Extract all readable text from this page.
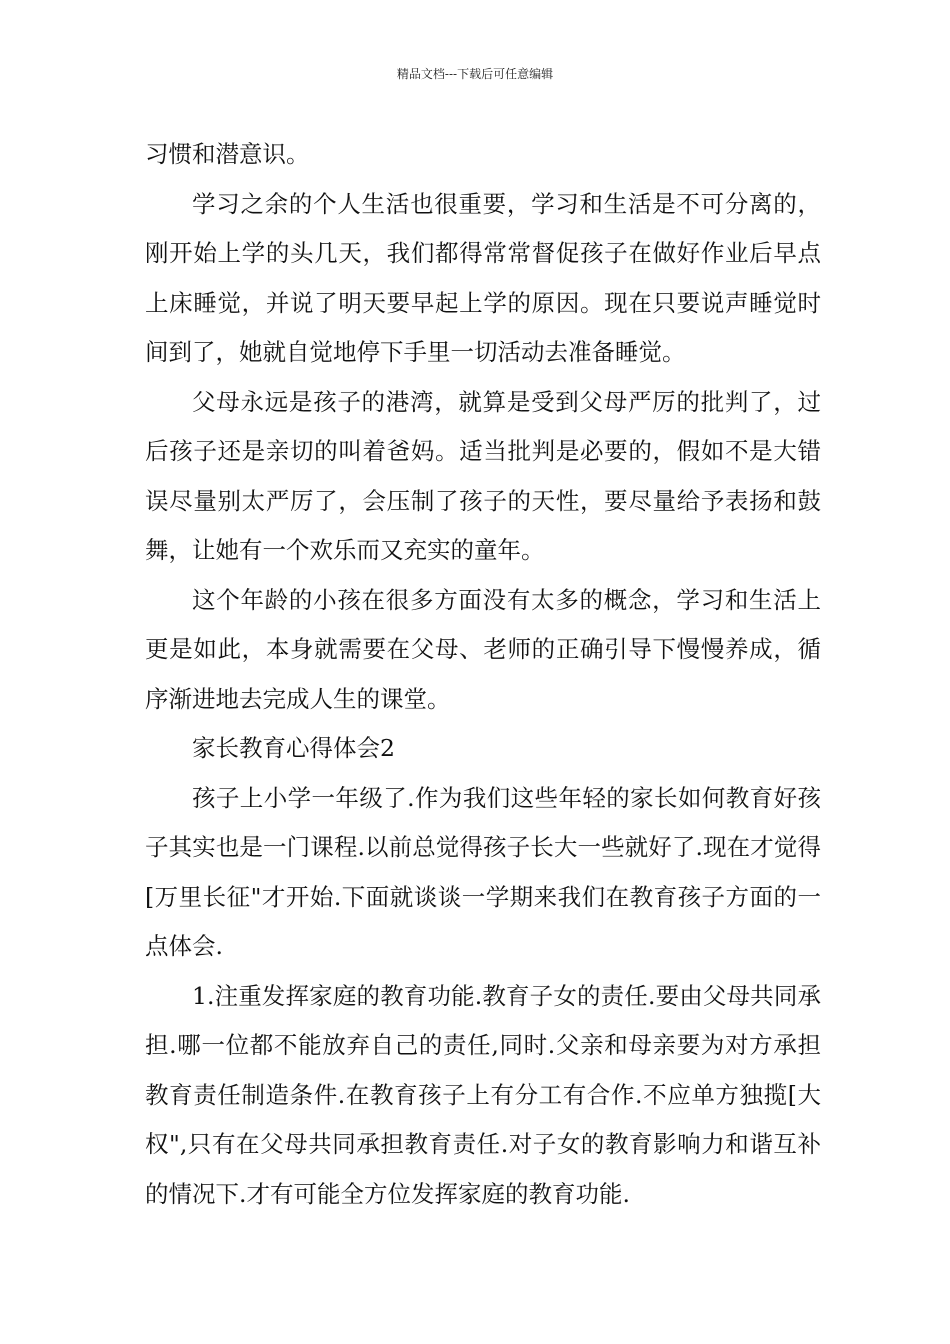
精品文档---下载后可任意编辑

习惯和潜意识。

学习之余的个人生活也很重要，学习和生活是不可分离的，刚开始上学的头几天，我们都得常常督促孩子在做好作业后早点上床睡觉，并说了明天要早起上学的原因。现在只要说声睡觉时间到了，她就自觉地停下手里一切活动去准备睡觉。

父母永远是孩子的港湾，就算是受到父母严厉的批判了，过后孩子还是亲切的叫着爸妈。适当批判是必要的，假如不是大错误尽量别太严厉了，会压制了孩子的天性，要尽量给予表扬和鼓舞，让她有一个欢乐而又充实的童年。

这个年龄的小孩在很多方面没有太多的概念，学习和生活上更是如此，本身就需要在父母、老师的正确引导下慢慢养成，循序渐进地去完成人生的课堂。

家长教育心得体会2

孩子上小学一年级了.作为我们这些年轻的家长如何教育好孩子其实也是一门课程.以前总觉得孩子长大一些就好了.现在才觉得[万里长征"才开始.下面就谈谈一学期来我们在教育孩子方面的一点体会.

1.注重发挥家庭的教育功能.教育子女的责任.要由父母共同承担.哪一位都不能放弃自己的责任,同时.父亲和母亲要为对方承担教育责任制造条件.在教育孩子上有分工有合作.不应单方独揽[大权",只有在父母共同承担教育责任.对子女的教育影响力和谐互补的情况下.才有可能全方位发挥家庭的教育功能.
